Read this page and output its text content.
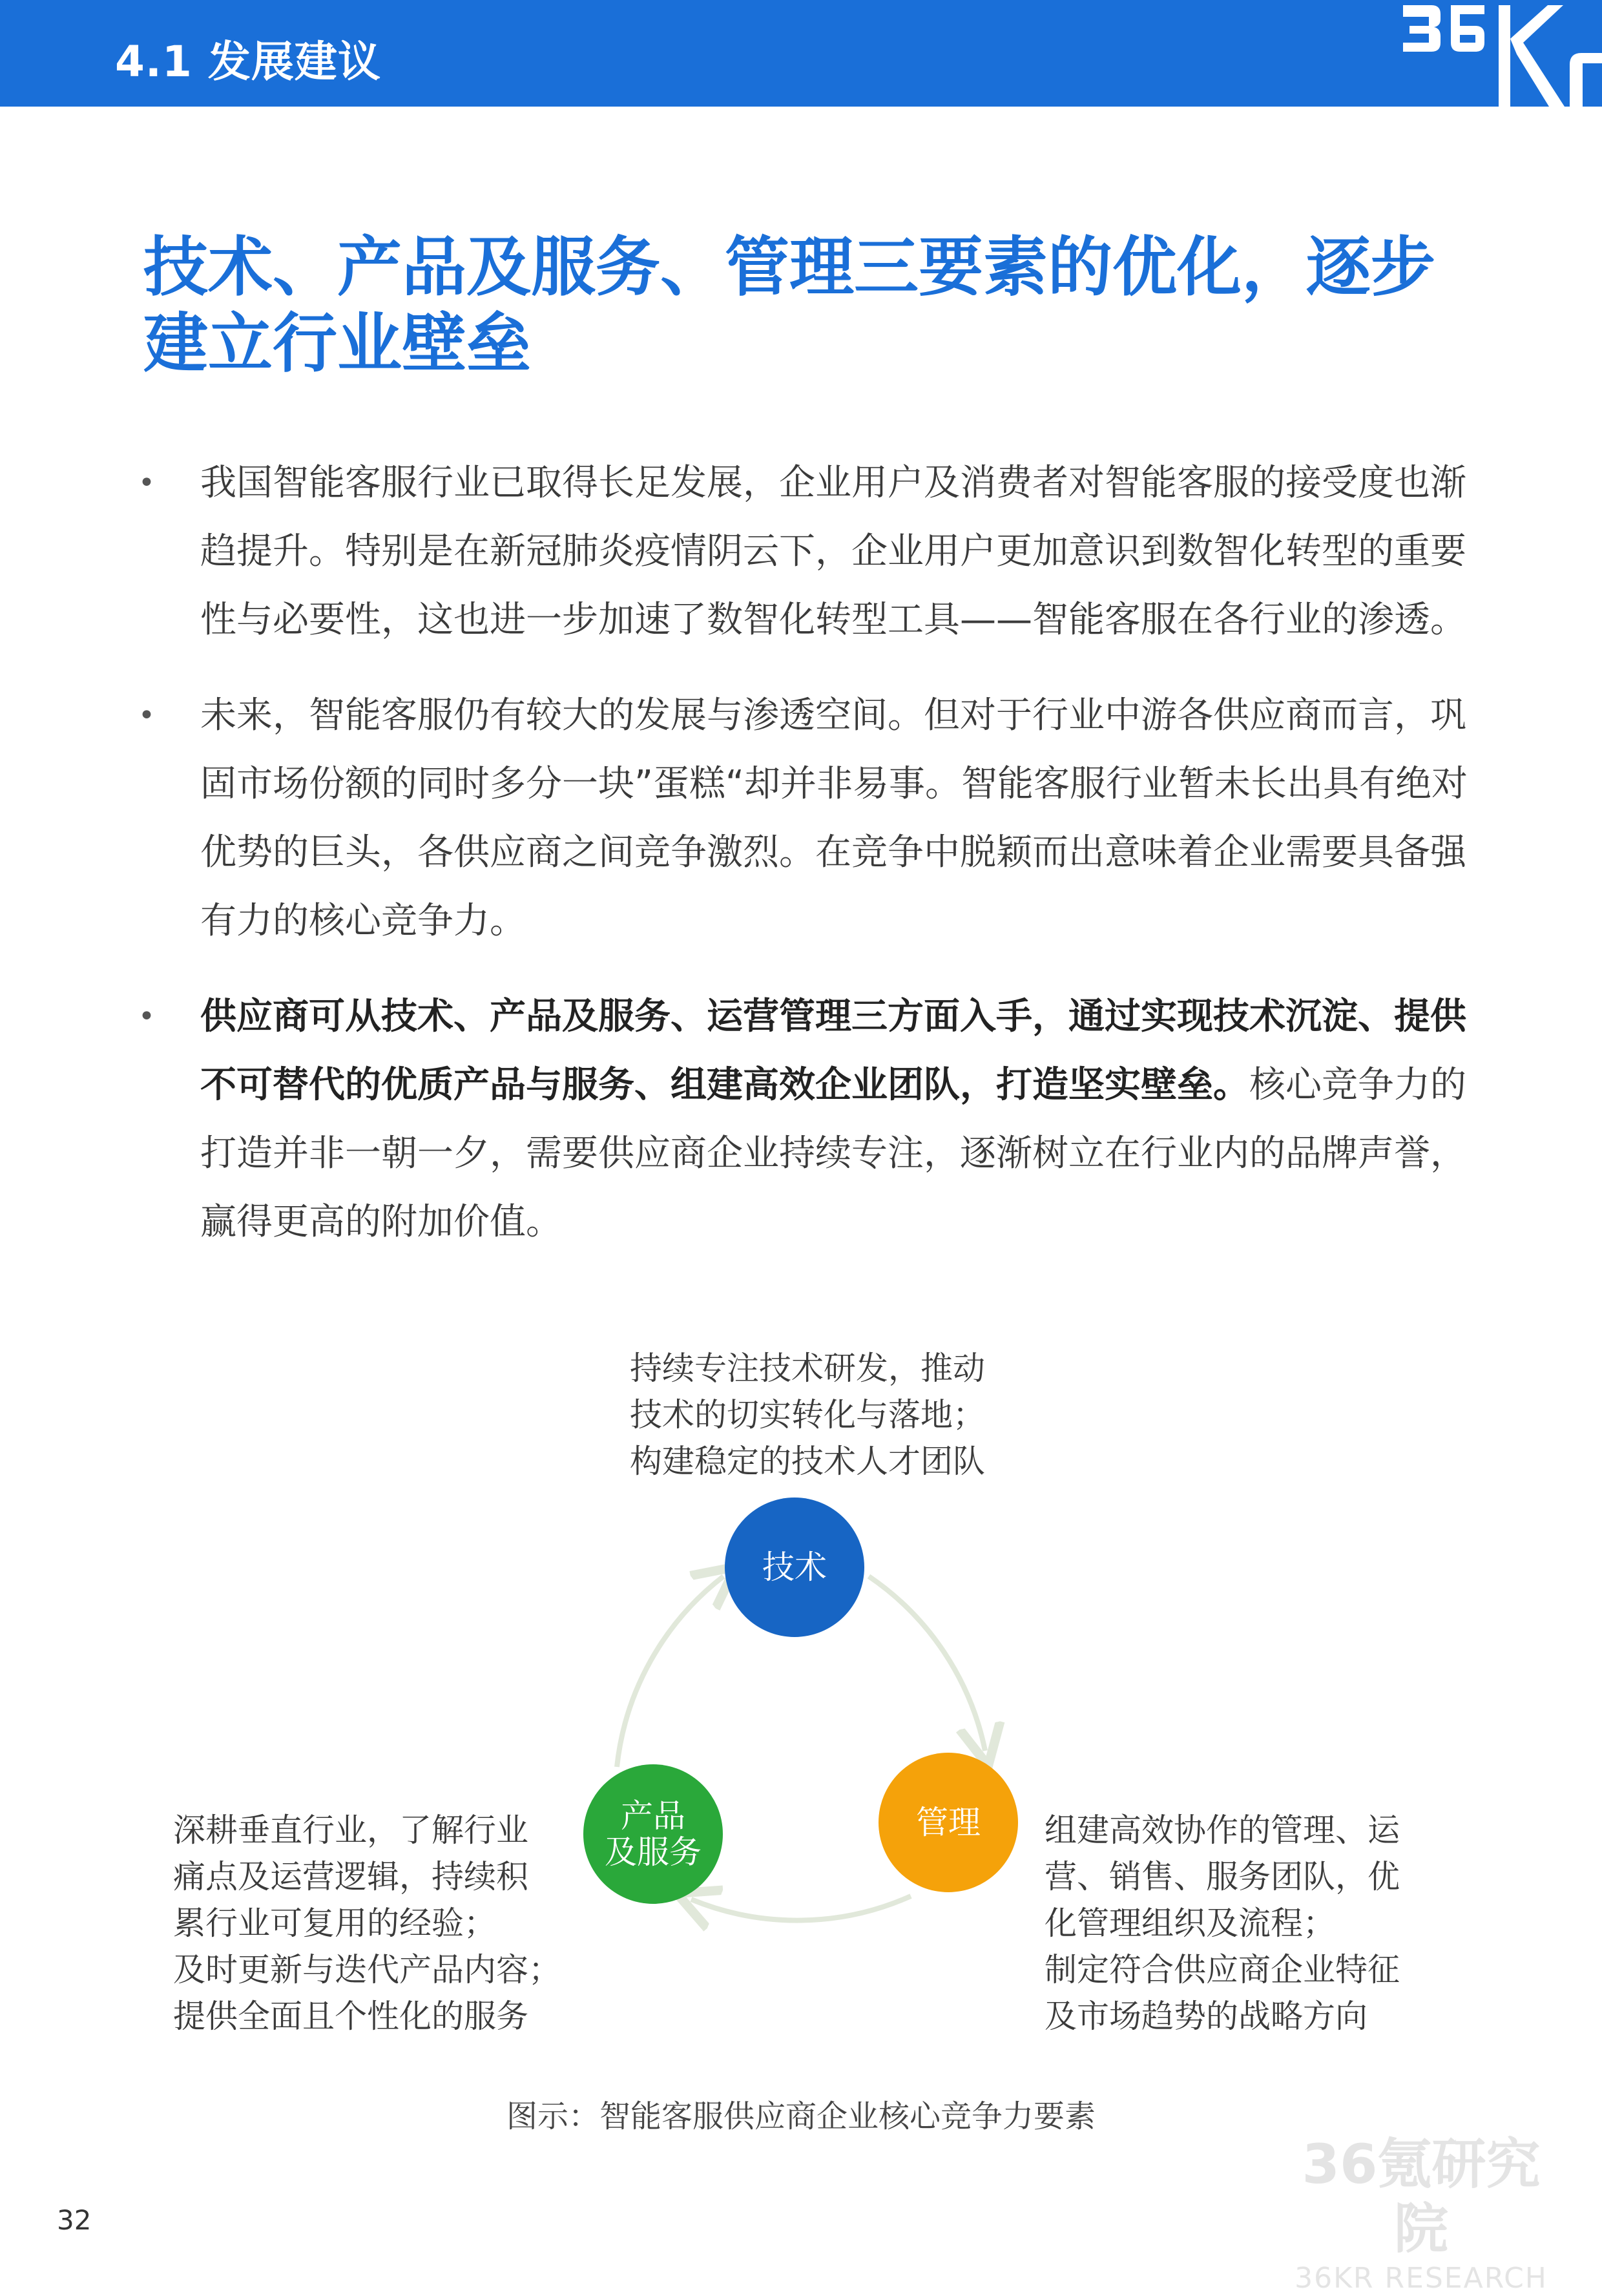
4.1 发展建议
技术、产品及服务、管理三要素的优化，逐步建立行业壁垒
• 我国智能客服行业已取得长足发展，企业用户及消费者对智能客服的接受度也渐趋提升。特别是在新冠肺炎疫情阴云下，企业用户更加意识到数智化转型的重要性与必要性，这也进一步加速了数智化转型工具——智能客服在各行业的渗透。
• 未来，智能客服仍有较大的发展与渗透空间。但对于行业中游各供应商而言，巩固市场份额的同时多分一块”蛋糕“却并非易事。智能客服行业暂未长出具有绝对优势的巨头，各供应商之间竞争激烈。在竞争中脱颖而出意味着企业需要具备强有力的核心竞争力。
• 供应商可从技术、产品及服务、运营管理三方面入手，通过实现技术沉淀、提供不可替代的优质产品与服务、组建高效企业团队，打造坚实壁垒。核心竞争力的打造并非一朝一夕，需要供应商企业持续专注，逐渐树立在行业内的品牌声誉，赢得更高的附加价值。
技术
产品
及服务
管理
持续专注技术研发，推动
技术的切实转化与落地；
构建稳定的技术人才团队
深耕垂直行业，了解行业
痛点及运营逻辑，持续积
累行业可复用的经验；
及时更新与迭代产品内容；
提供全面且个性化的服务
组建高效协作的管理、运
营、销售、服务团队，优
化管理组织及流程；
制定符合供应商企业特征
及市场趋势的战略方向
图示：智能客服供应商企业核心竞争力要素
36氪研究院
36KR RESEARCH
32
